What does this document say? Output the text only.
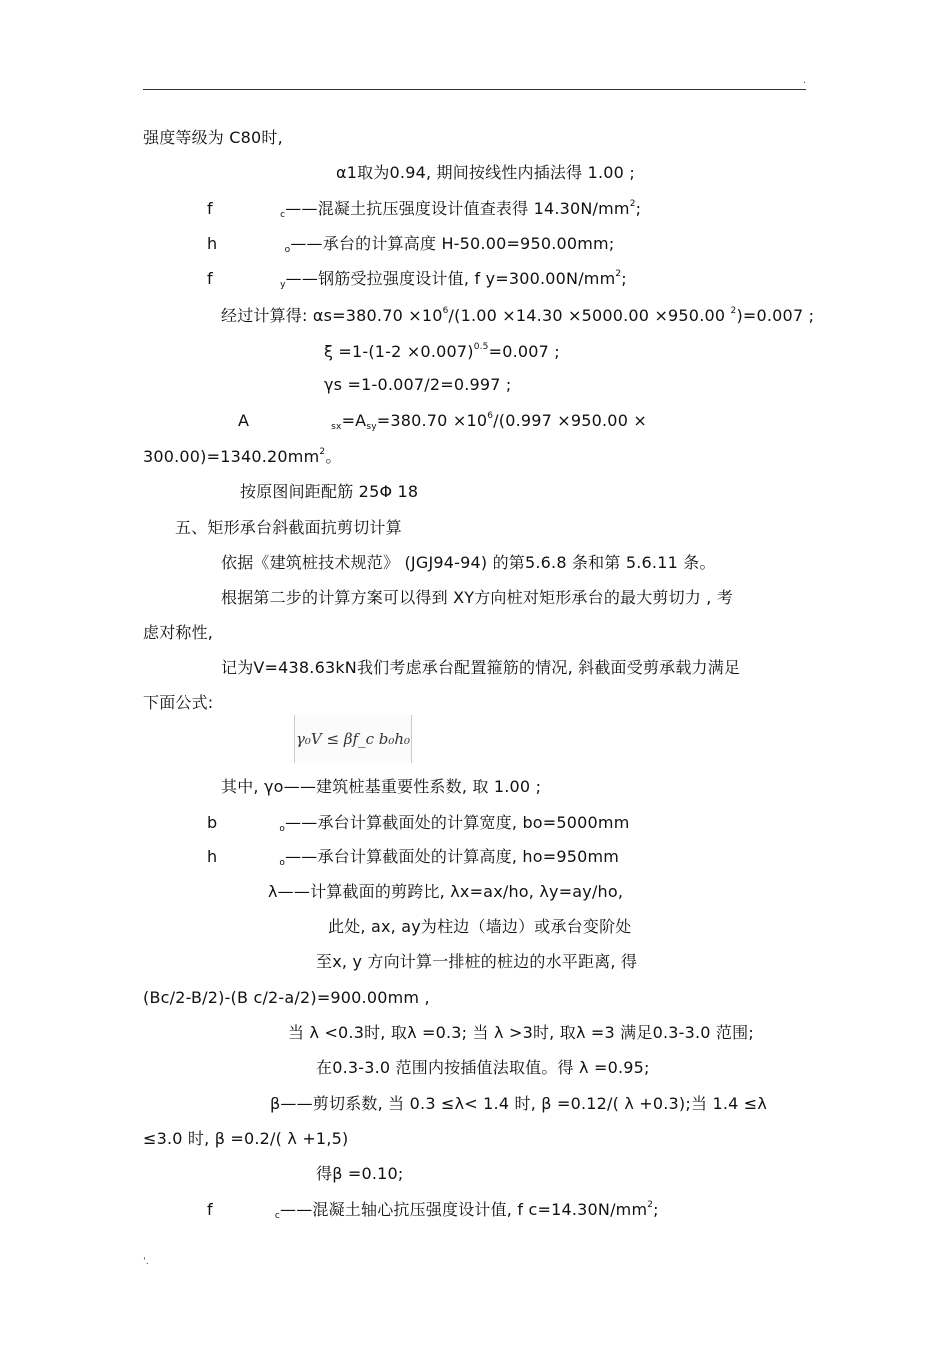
.
强度等级为 C80时,
α1取为0.94, 期间按线性内插法得 1.00 ;
f	c——混凝土抗压强度设计值查表得 $14.30N/mm^2$;
h	o——承台的计算高度 H-50.00=950.00mm;
f	y——钢筋受拉强度设计值, f $y=300.00N/mm^2$;
经过计算得: $\alpha s=380.70 \times 10^6/(1.00 \times 14.30 \times 5000.00 \times 950.00$ $^2$)=0.007 ;
$\xi =1-(1-2 \times 0.007)^{0.5}=0.007$ ;
γs =1-0.007/2=0.997 ;
A	$sx=Asy=380.70 \times 10^6/(0.997 \times 950.00$ ×
$300.00)=1340.20mm^2$。
按原图间距配筋 25Φ 18
五、矩形承台斜截面抗剪切计算
依据《建筑桩技术规范》 (JGJ94-94) 的第5.6.8 条和第 5.6.11 条。
根据第二步的计算方案可以得到 XY方向桩对矩形承台的最大剪切力 , 考
虑对称性,
记为V=438.63kN我们考虑承台配置箍筋的情况, 斜截面受剪承载力满足
下面公式:
γ₀V ≤ βf_c b₀h₀
其中, γo——建筑桩基重要性系数, 取 1.00 ;
b	o——承台计算截面处的计算宽度, bo=5000mm
h	o——承台计算截面处的计算高度, ho=950mm
λ——计算截面的剪跨比, λx=ax/ho, λy=ay/ho,
此处, ax, ay为柱边（墙边）或承台变阶处
至x, y 方向计算一排桩的桩边的水平距离, 得
(Bc/2-B/2)-(B c/2-a/2)=900.00mm ,
当 λ <0.3时, 取λ =0.3; 当 λ >3时, 取λ =3 满足0.3-3.0 范围;
在0.3-3.0 范围内按插值法取值。得 λ =0.95;
β——剪切系数, 当 0.3 ≤λ< 1.4 时, β =0.12/( λ +0.3);当 1.4 ≤λ
≤3.0 时, β =0.2/( λ +1,5)
得β =0.10;
f	c——混凝土轴心抗压强度设计值, f $c=14.30N/mm^2$;
'.
